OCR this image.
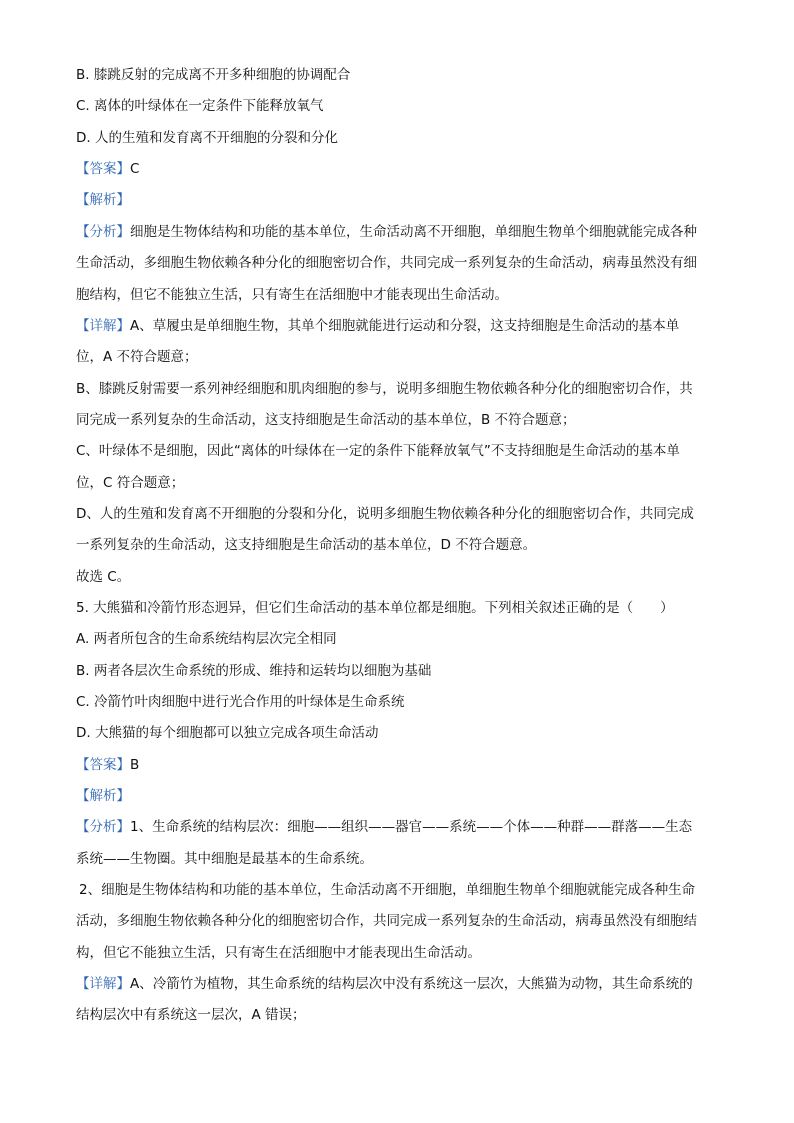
B. 膝跳反射的完成离不开多种细胞的协调配合
C. 离体的叶绿体在一定条件下能释放氧气
D. 人的生殖和发育离不开细胞的分裂和分化
【答案】C
【解析】
【分析】细胞是生物体结构和功能的基本单位，生命活动离不开细胞，单细胞生物单个细胞就能完成各种
生命活动，多细胞生物依赖各种分化的细胞密切合作，共同完成一系列复杂的生命活动，病毒虽然没有细
胞结构，但它不能独立生活，只有寄生在活细胞中才能表现出生命活动。
【详解】A、草履虫是单细胞生物，其单个细胞就能进行运动和分裂，这支持细胞是生命活动的基本单
位，A 不符合题意；
B、膝跳反射需要一系列神经细胞和肌肉细胞的参与，说明多细胞生物依赖各种分化的细胞密切合作，共
同完成一系列复杂的生命活动，这支持细胞是生命活动的基本单位，B 不符合题意；
C、叶绿体不是细胞，因此“离体的叶绿体在一定的条件下能释放氧气”不支持细胞是生命活动的基本单
位，C 符合题意；
D、人的生殖和发育离不开细胞的分裂和分化，说明多细胞生物依赖各种分化的细胞密切合作，共同完成
一系列复杂的生命活动，这支持细胞是生命活动的基本单位，D 不符合题意。
故选 C。
5. 大熊猫和冷箭竹形态迥异，但它们生命活动的基本单位都是细胞。下列相关叙述正确的是（　　）
A. 两者所包含的生命系统结构层次完全相同
B. 两者各层次生命系统的形成、维持和运转均以细胞为基础
C. 冷箭竹叶肉细胞中进行光合作用的叶绿体是生命系统
D. 大熊猫的每个细胞都可以独立完成各项生命活动
【答案】B
【解析】
【分析】1、生命系统的结构层次：细胞——组织——器官——系统——个体——种群——群落——生态
系统——生物圈。其中细胞是最基本的生命系统。
2、细胞是生物体结构和功能的基本单位，生命活动离不开细胞，单细胞生物单个细胞就能完成各种生命
活动，多细胞生物依赖各种分化的细胞密切合作，共同完成一系列复杂的生命活动，病毒虽然没有细胞结
构，但它不能独立生活，只有寄生在活细胞中才能表现出生命活动。
【详解】A、冷箭竹为植物，其生命系统的结构层次中没有系统这一层次，大熊猫为动物，其生命系统的
结构层次中有系统这一层次，A 错误；
